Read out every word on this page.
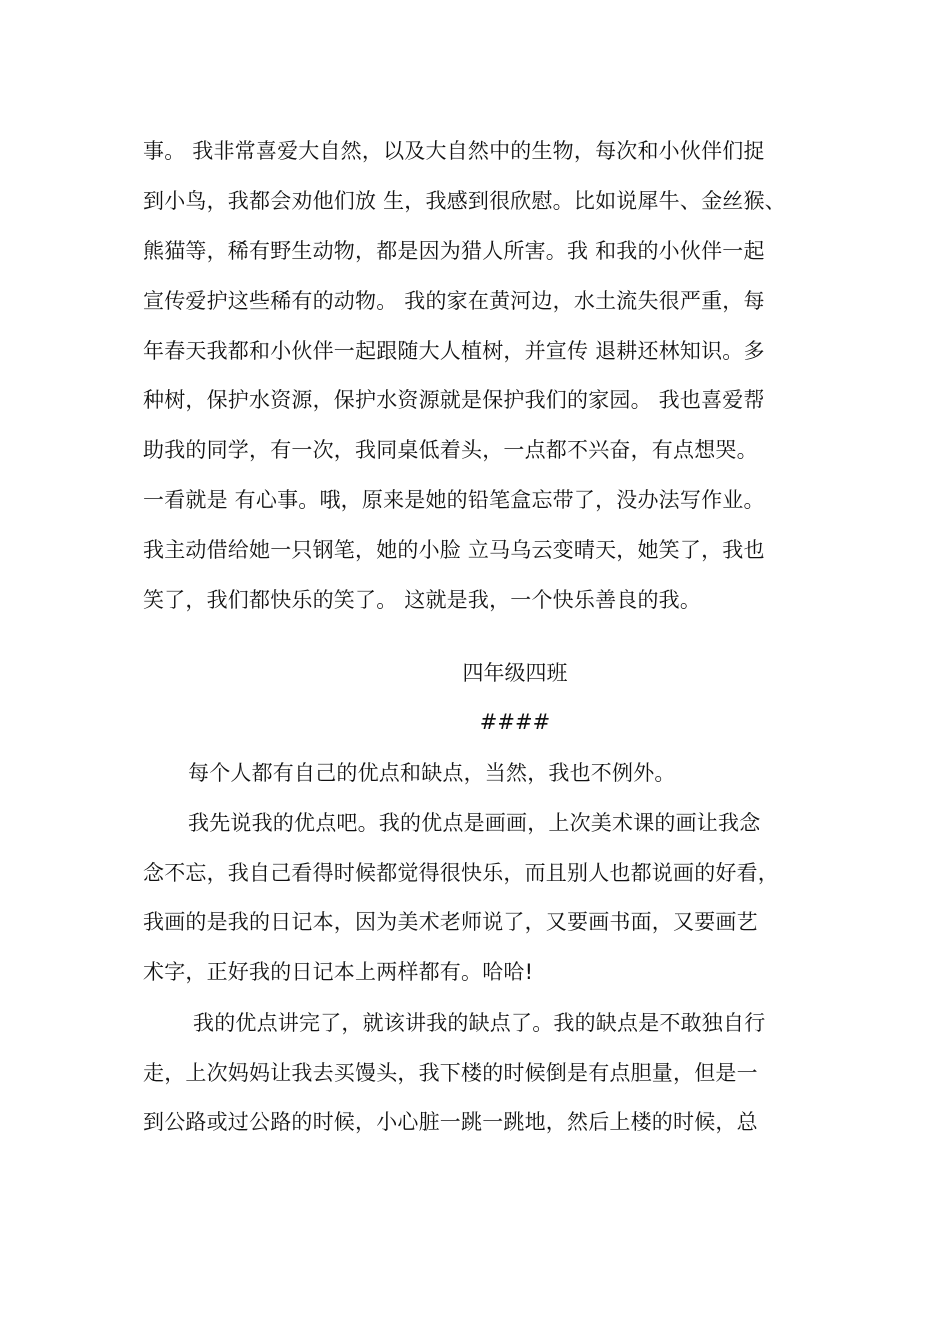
事。 我非常喜爱大自然，以及大自然中的生物，每次和小伙伴们捉
到小鸟，我都会劝他们放 生，我感到很欣慰。比如说犀牛、金丝猴、
熊猫等，稀有野生动物，都是因为猎人所害。我 和我的小伙伴一起
宣传爱护这些稀有的动物。 我的家在黄河边，水土流失很严重，每
年春天我都和小伙伴一起跟随大人植树，并宣传 退耕还林知识。多
种树，保护水资源，保护水资源就是保护我们的家园。 我也喜爱帮
助我的同学，有一次，我同桌低着头，一点都不兴奋，有点想哭。
一看就是 有心事。哦，原来是她的铅笔盒忘带了，没办法写作业。
我主动借给她一只钢笔，她的小脸 立马乌云变晴天，她笑了，我也
笑了，我们都快乐的笑了。 这就是我，一个快乐善良的我。
四年级四班
####
每个人都有自己的优点和缺点，当然，我也不例外。
我先说我的优点吧。我的优点是画画，上次美术课的画让我念
念不忘，我自己看得时候都觉得很快乐，而且别人也都说画的好看，
我画的是我的日记本，因为美术老师说了，又要画书面，又要画艺
术字，正好我的日记本上两样都有。哈哈!
我的优点讲完了，就该讲我的缺点了。我的缺点是不敢独自行
走，上次妈妈让我去买馒头，我下楼的时候倒是有点胆量，但是一
到公路或过公路的时候，小心脏一跳一跳地，然后上楼的时候，总
